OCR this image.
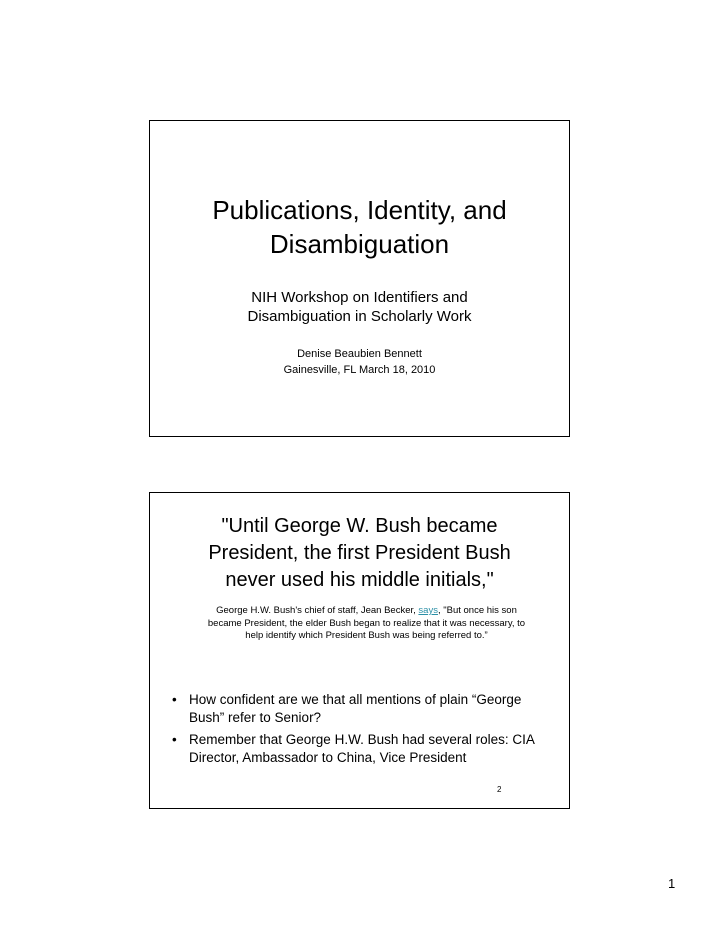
Publications, Identity, and
Disambiguation
NIH Workshop on Identifiers and
Disambiguation in Scholarly Work
Denise Beaubien Bennett
Gainesville, FL March 18, 2010
"Until George W. Bush became
President, the first President Bush
never used his middle initials,"
George H.W. Bush's chief of staff, Jean Becker, says, "But once his son
became President, the elder Bush began to realize that it was necessary, to
help identify which President Bush was being referred to.”
• How confident are we that all mentions of plain “George Bush” refer to Senior?
• Remember that George H.W. Bush had several roles: CIA Director, Ambassador to China, Vice President
2
1
